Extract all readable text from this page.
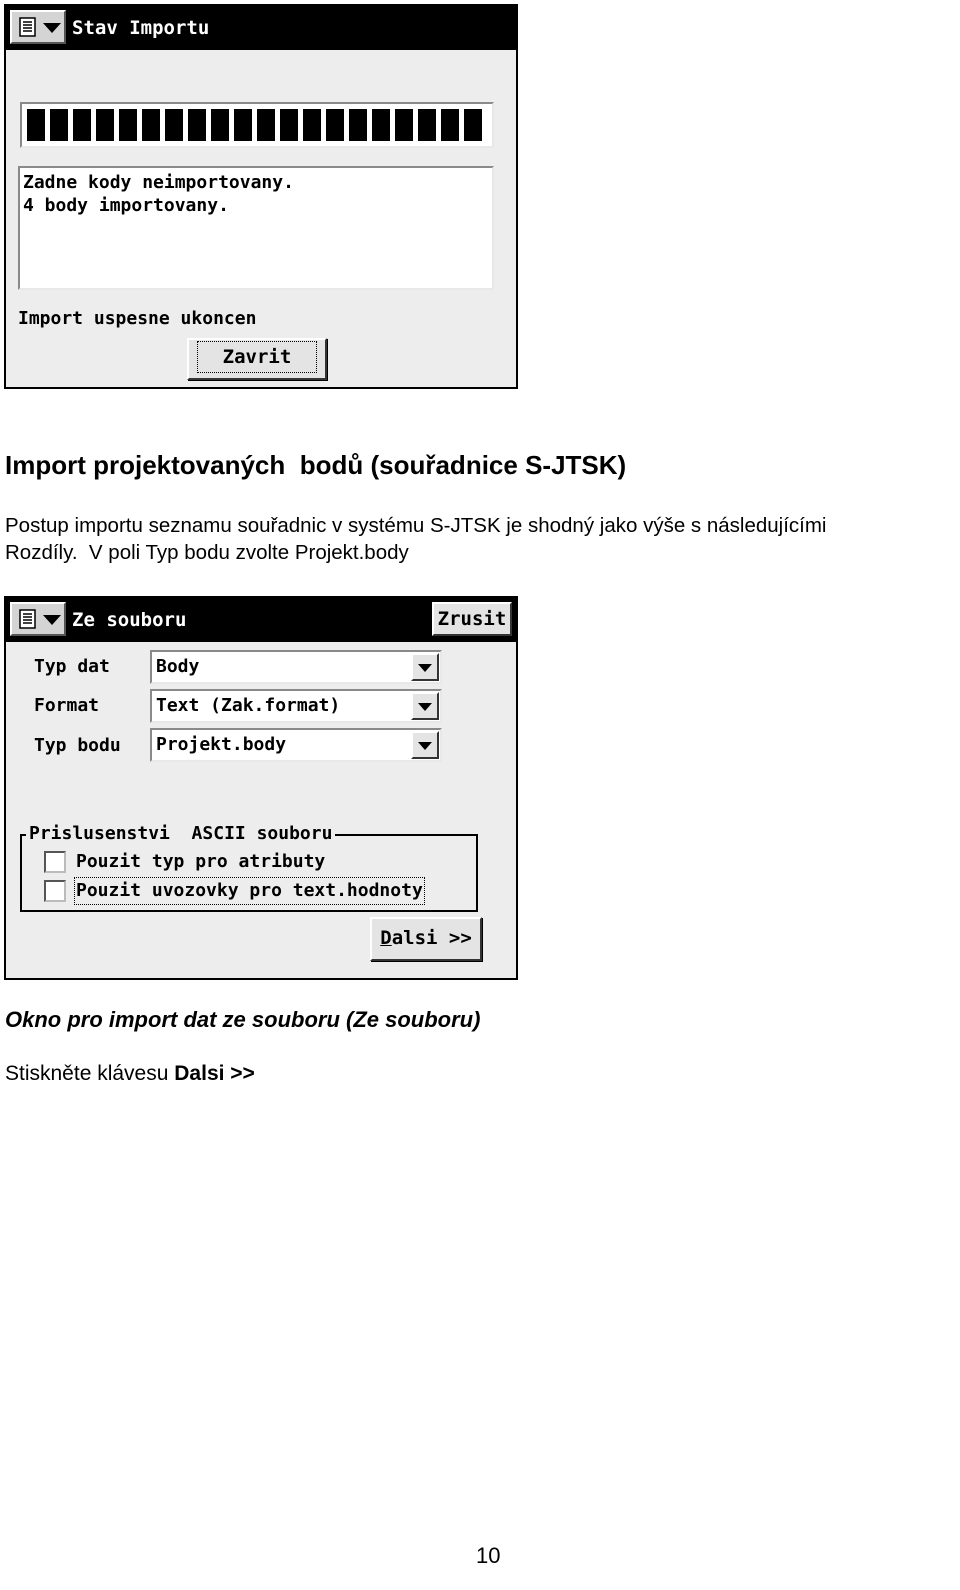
Stav Importu
Zadne kody neimportovany.
4 body importovany.
Import uspesne ukoncen
Zavrit
Import projektovaných  bodů (souřadnice S-JTSK)
Postup importu seznamu souřadnic v systému S-JTSK je shodný jako výše s následujícími
Rozdíly.  V poli Typ bodu zvolte Projekt.body
Ze souboru	Zrusit
Typ dat	Body
Format	Text (Zak.format)
Typ bodu Projekt.body
Prislusenstvi  ASCII souboru
Pouzit typ pro atributy
Pouzit uvozovky pro text.hodnoty
Dalsi >>
Okno pro import dat ze souboru (Ze souboru)
Stiskněte klávesu Dalsi >>
10
